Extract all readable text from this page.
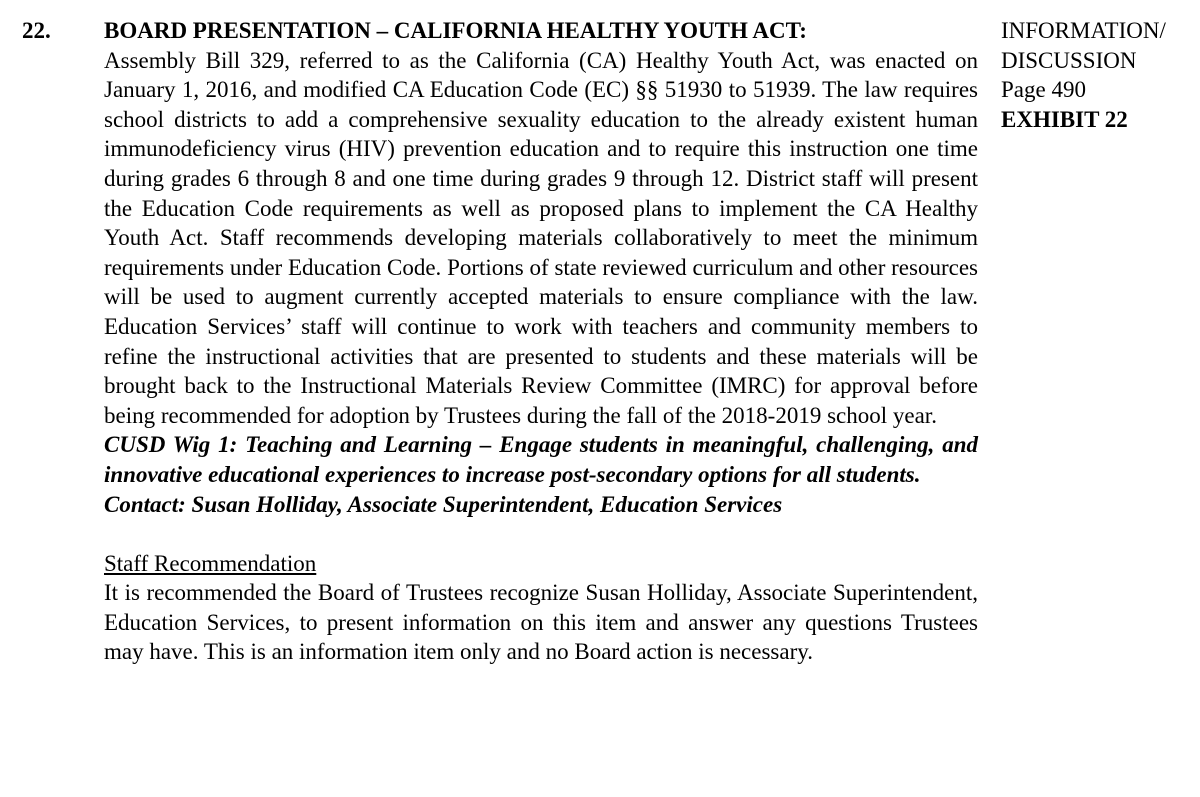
22. BOARD PRESENTATION – CALIFORNIA HEALTHY YOUTH ACT:
Assembly Bill 329, referred to as the California (CA) Healthy Youth Act, was enacted on January 1, 2016, and modified CA Education Code (EC) §§ 51930 to 51939. The law requires school districts to add a comprehensive sexuality education to the already existent human immunodeficiency virus (HIV) prevention education and to require this instruction one time during grades 6 through 8 and one time during grades 9 through 12. District staff will present the Education Code requirements as well as proposed plans to implement the CA Healthy Youth Act. Staff recommends developing materials collaboratively to meet the minimum requirements under Education Code. Portions of state reviewed curriculum and other resources will be used to augment currently accepted materials to ensure compliance with the law. Education Services’ staff will continue to work with teachers and community members to refine the instructional activities that are presented to students and these materials will be brought back to the Instructional Materials Review Committee (IMRC) for approval before being recommended for adoption by Trustees during the fall of the 2018-2019 school year.
CUSD Wig 1: Teaching and Learning – Engage students in meaningful, challenging, and innovative educational experiences to increase post-secondary options for all students.
Contact: Susan Holliday, Associate Superintendent, Education Services
Staff Recommendation
It is recommended the Board of Trustees recognize Susan Holliday, Associate Superintendent, Education Services, to present information on this item and answer any questions Trustees may have. This is an information item only and no Board action is necessary.
INFORMATION/
DISCUSSION
Page 490
EXHIBIT 22
